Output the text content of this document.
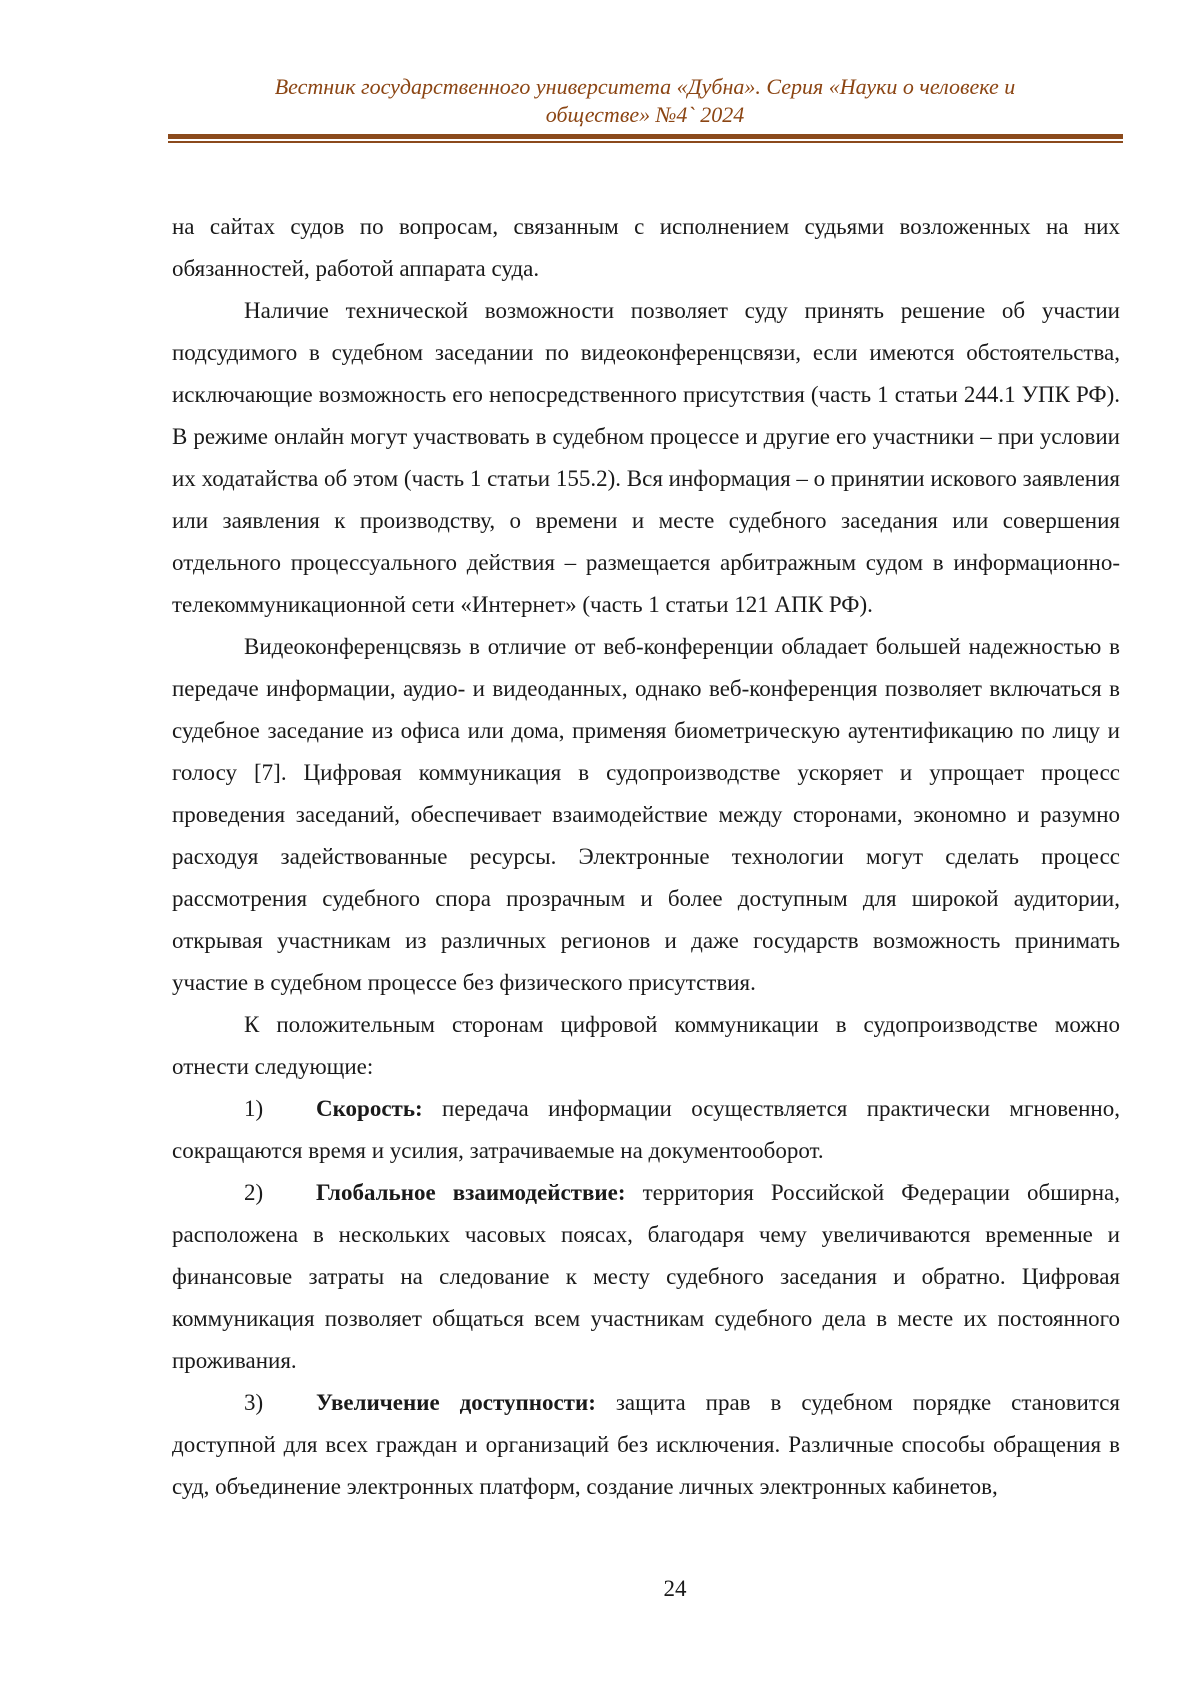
Вестник государственного университета «Дубна». Серия «Науки о человеке и
обществе» №4` 2024

на сайтах судов по вопросам, связанным с исполнением судьями возложенных на них обязанностей, работой аппарата суда.

Наличие технической возможности позволяет суду принять решение об участии подсудимого в судебном заседании по видеоконференцсвязи, если имеются обстоятельства, исключающие возможность его непосредственного присутствия (часть 1 статьи 244.1 УПК РФ). В режиме онлайн могут участвовать в судебном процессе и другие его участники – при условии их ходатайства об этом (часть 1 статьи 155.2). Вся информация – о принятии искового заявления или заявления к производству, о времени и месте судебного заседания или совершения отдельного процессуального действия – размещается арбитражным судом в информационно-телекоммуникационной сети «Интернет» (часть 1 статьи 121 АПК РФ).

Видеоконференцсвязь в отличие от веб-конференции обладает большей надежностью в передаче информации, аудио- и видеоданных, однако веб-конференция позволяет включаться в судебное заседание из офиса или дома, применяя биометрическую аутентификацию по лицу и голосу [7]. Цифровая коммуникация в судопроизводстве ускоряет и упрощает процесс проведения заседаний, обеспечивает взаимодействие между сторонами, экономно и разумно расходуя задействованные ресурсы. Электронные технологии могут сделать процесс рассмотрения судебного спора прозрачным и более доступным для широкой аудитории, открывая участникам из различных регионов и даже государств возможность принимать участие в судебном процессе без физического присутствия.

К положительным сторонам цифровой коммуникации в судопроизводстве можно отнести следующие:

1) Скорость: передача информации осуществляется практически мгновенно, сокращаются время и усилия, затрачиваемые на документооборот.

2) Глобальное взаимодействие: территория Российской Федерации обширна, расположена в нескольких часовых поясах, благодаря чему увеличиваются временные и финансовые затраты на следование к месту судебного заседания и обратно. Цифровая коммуникация позволяет общаться всем участникам судебного дела в месте их постоянного проживания.

3) Увеличение доступности: защита прав в судебном порядке становится доступной для всех граждан и организаций без исключения. Различные способы обращения в суд, объединение электронных платформ, создание личных электронных кабинетов,

24
